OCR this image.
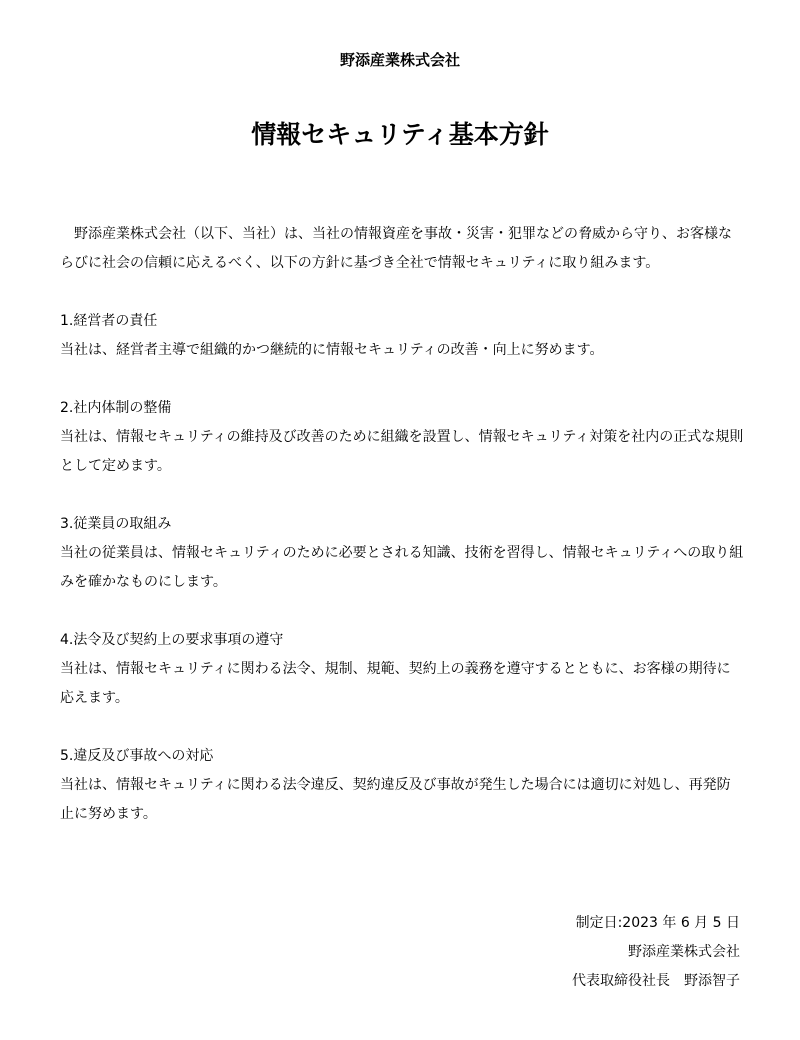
野添産業株式会社
情報セキュリティ基本方針

野添産業株式会社（以下、当社）は、当社の情報資産を事故・災害・犯罪などの脅威から守り、お客様ならびに社会の信頼に応えるべく、以下の方針に基づき全社で情報セキュリティに取り組みます。

1.経営者の責任

当社は、経営者主導で組織的かつ継続的に情報セキュリティの改善・向上に努めます。

2.社内体制の整備

当社は、情報セキュリティの維持及び改善のために組織を設置し、情報セキュリティ対策を社内の正式な規則として定めます。

3.従業員の取組み

当社の従業員は、情報セキュリティのために必要とされる知識、技術を習得し、情報セキュリティへの取り組みを確かなものにします。

4.法令及び契約上の要求事項の遵守

当社は、情報セキュリティに関わる法令、規制、規範、契約上の義務を遵守するとともに、お客様の期待に応えます。

5.違反及び事故への対応

当社は、情報セキュリティに関わる法令違反、契約違反及び事故が発生した場合には適切に対処し、再発防止に努めます。

制定日:2023 年 6 月 5 日
野添産業株式会社
代表取締役社長 野添智子
